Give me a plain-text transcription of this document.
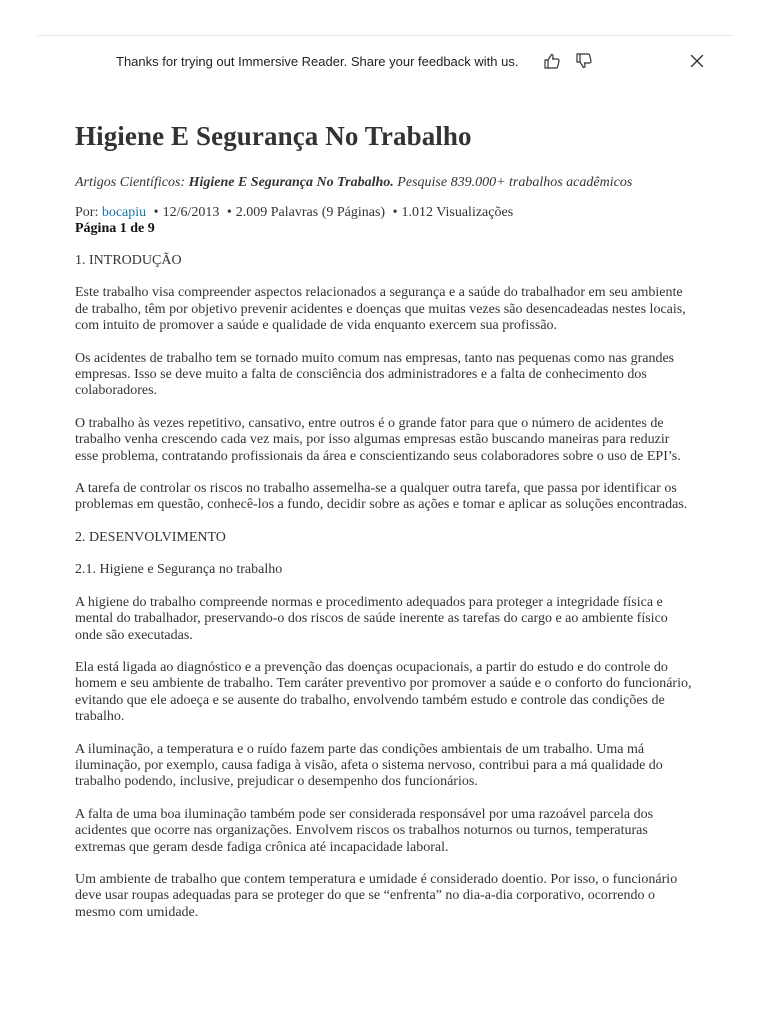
Thanks for trying out Immersive Reader. Share your feedback with us.
Higiene E Segurança No Trabalho
Artigos Científicos: Higiene E Segurança No Trabalho. Pesquise 839.000+ trabalhos acadêmicos
Por: bocapiu • 12/6/2013 • 2.009 Palavras (9 Páginas) • 1.012 Visualizações
Página 1 de 9

1. INTRODUÇÃO

Este trabalho visa compreender aspectos relacionados a segurança e a saúde do trabalhador em seu ambiente de trabalho, têm por objetivo prevenir acidentes e doenças que muitas vezes são desencadeadas nestes locais, com intuito de promover a saúde e qualidade de vida enquanto exercem sua profissão.

Os acidentes de trabalho tem se tornado muito comum nas empresas, tanto nas pequenas como nas grandes empresas. Isso se deve muito a falta de consciência dos administradores e a falta de conhecimento dos colaboradores.

O trabalho às vezes repetitivo, cansativo, entre outros é o grande fator para que o número de acidentes de trabalho venha crescendo cada vez mais, por isso algumas empresas estão buscando maneiras para reduzir esse problema, contratando profissionais da área e conscientizando seus colaboradores sobre o uso de EPI’s.

A tarefa de controlar os riscos no trabalho assemelha-se a qualquer outra tarefa, que passa por identificar os problemas em questão, conhecê-los a fundo, decidir sobre as ações e tomar e aplicar as soluções encontradas.

2. DESENVOLVIMENTO

2.1. Higiene e Segurança no trabalho

A higiene do trabalho compreende normas e procedimento adequados para proteger a integridade física e mental do trabalhador, preservando-o dos riscos de saúde inerente as tarefas do cargo e ao ambiente físico onde são executadas.

Ela está ligada ao diagnóstico e a prevenção das doenças ocupacionais, a partir do estudo e do controle do homem e seu ambiente de trabalho. Tem caráter preventivo por promover a saúde e o conforto do funcionário, evitando que ele adoeça e se ausente do trabalho, envolvendo também estudo e controle das condições de trabalho.

A iluminação, a temperatura e o ruído fazem parte das condições ambientais de um trabalho. Uma má iluminação, por exemplo, causa fadiga à visão, afeta o sistema nervoso, contribui para a má qualidade do trabalho podendo, inclusive, prejudicar o desempenho dos funcionários.

A falta de uma boa iluminação também pode ser considerada responsável por uma razoável parcela dos acidentes que ocorre nas organizações. Envolvem riscos os trabalhos noturnos ou turnos, temperaturas extremas que geram desde fadiga crônica até incapacidade laboral.

Um ambiente de trabalho que contem temperatura e umidade é considerado doentio. Por isso, o funcionário deve usar roupas adequadas para se proteger do que se “enfrenta” no dia-a-dia corporativo, ocorrendo o mesmo com umidade.
